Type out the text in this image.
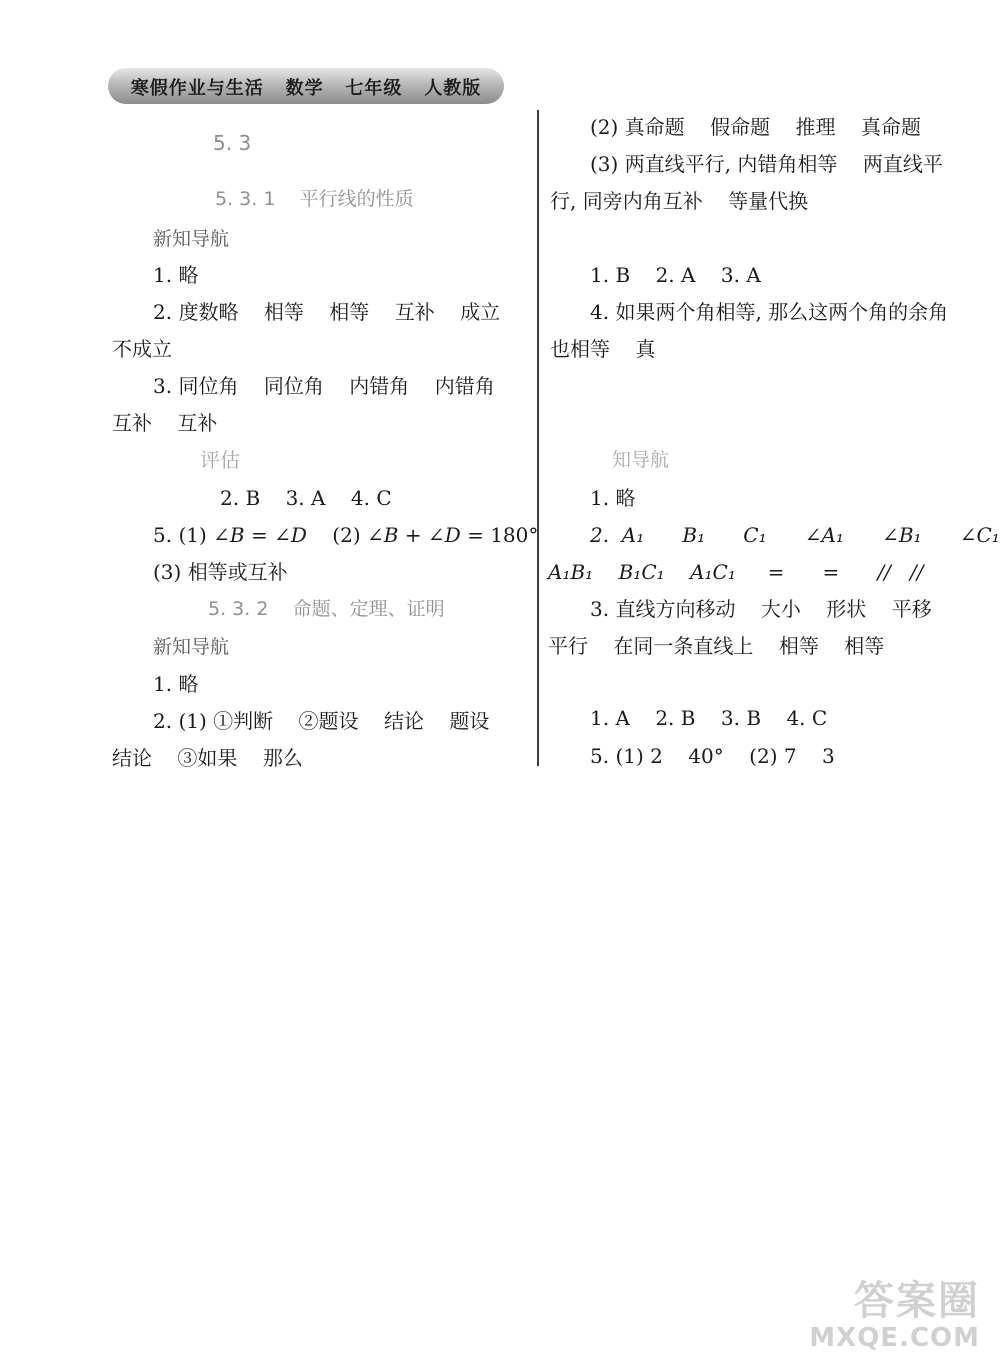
寒假作业与生活   数学   七年级   人教版
5. 3
5. 3. 1    平行线的性质
新知导航
1. 略
2. 度数略    相等    相等    互补    成立
不成立
3. 同位角    同位角    内错角    内错角
互补    互补
评估
2. B    3. A    4. C
5. (1) ∠B = ∠D    (2) ∠B + ∠D = 180°
(3) 相等或互补
5. 3. 2    命题、定理、证明
新知导航
1. 略
2. (1) ①判断    ②题设    结论    题设
结论    ③如果    那么
(2) 真命题    假命题    推理    真命题
(3) 两直线平行, 内错角相等    两直线平
行, 同旁内角互补    等量代换
1. B    2. A    3. A
4. 如果两个角相等, 那么这两个角的余角
也相等    真
知导航
1. 略
2.  A₁      B₁      C₁      ∠A₁      ∠B₁      ∠C₁
A₁B₁    B₁C₁    A₁C₁     =      =      //   //
3. 直线方向移动    大小    形状    平移
平行    在同一条直线上    相等    相等
1. A    2. B    3. B    4. C
5. (1) 2    40°    (2) 7    3
答案圈
MXQE.COM
